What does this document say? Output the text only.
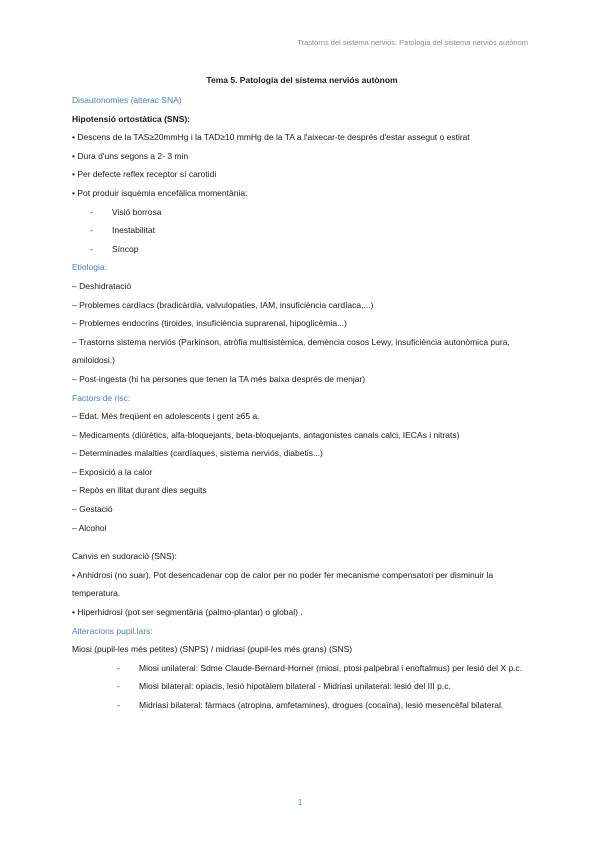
Trastorns del sistema nerviós: Patologia del sistema nerviós autònom

Tema 5. Patologia del sistema nerviós autònom

Disautonomies (alterac SNA)

Hipotensió ortostàtica (SNS):

• Descens de la TAS≥20mmHg i la TAD≥10 mmHg de la TA a l'aixecar-te després d'estar assegut o estirat

• Dura d'uns segons a 2- 3 min

• Per defecte reflex receptor sí carotidi

• Pot produir isquèmia encefàlica momentània:

- Visió borrosa

- Inestabilitat

- Síncop

Etiologia:

– Deshidratació

– Problemes cardíacs (bradicàrdia, valvulopaties, IAM, insuficiència cardíaca,...)

– Problemes endocrins (tiroides, insuficiència suprarenal, hipoglicèmia...)

– Trastorns sistema nerviós (Parkinson, atròfia multisistèmica, demència cosos Lewy, insuficiència autonòmica pura, amiloidosi.)

– Post-ingesta (hi ha persones que tenen la TA més baixa després de menjar)

Factors de risc:

– Edat. Més freqüent en adolescents i gent ≥65 a.

– Medicaments (diürètics, alfa-bloquejants, beta-bloquejants, antagonistes canals calci, IECAs i nitrats)

– Determinades malalties (cardíaques, sistema nerviós, diabetis...)

– Exposició a la calor

– Repòs en llitat durant dies seguits

– Gestació

– Alcohol

Canvis en sudoració (SNS):

• Anhidrosi (no suar). Pot desencadenar cop de calor per no poder fer mecanisme compensatori per disminuir la temperatura.

• Hiperhidrosi (pot ser segmentària (palmo-plantar) o global) .

Alteracions pupil.lars:

Miosi (pupil-les més petites) (SNPS) / midriasi (pupil-les més grans) (SNS)

- Miosi unilateral: Sdme Claude-Bernard-Horner (miosi, ptosi palpebral i enoftalmus) per lesió del X p.c.

- Miosi bilateral: opiacis, lesió hipotàlem bilateral - Midriasi unilateral: lesió del III p.c.

- Midriasi bilateral: fàrmacs (atropina, amfetamines), drogues (cocaïna), lesió mesencèfal bilateral.

1
